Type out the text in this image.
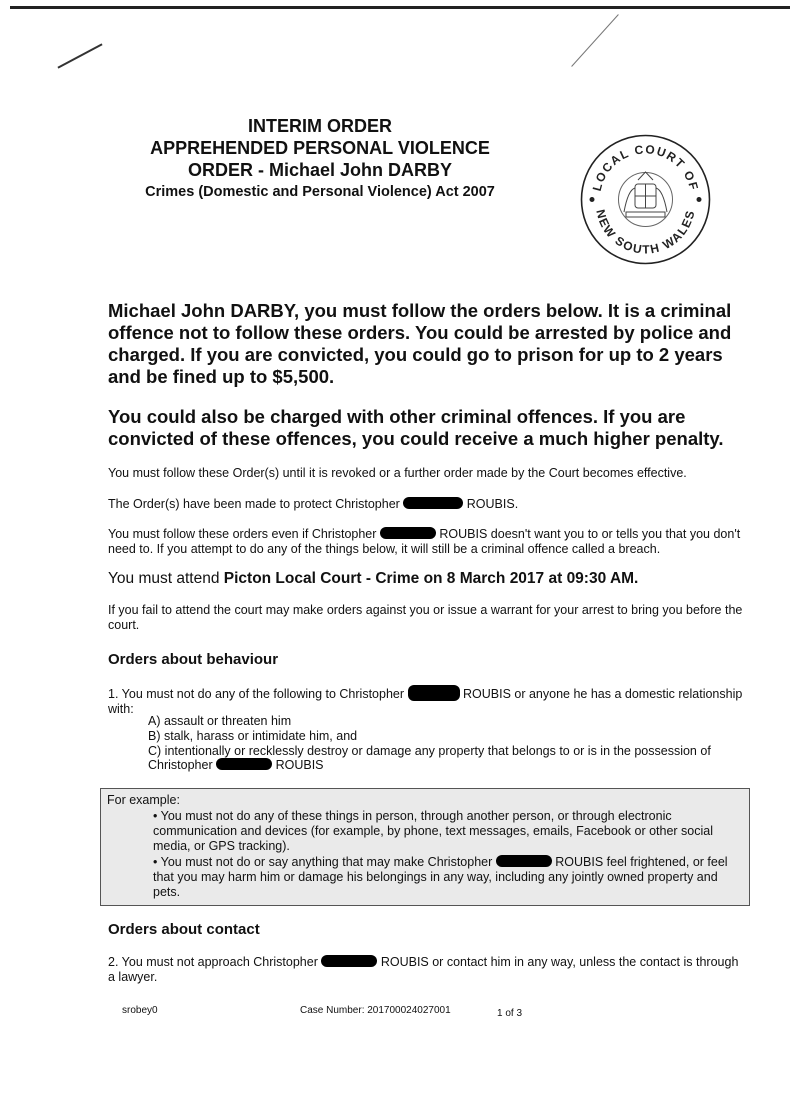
INTERIM ORDER
APPREHENDED PERSONAL VIOLENCE
ORDER - Michael John DARBY
Crimes (Domestic and Personal Violence) Act 2007	LOCAL COURT OF
NEW SOUTH WALES
Michael John DARBY, you must follow the orders below. It is a criminal offence not to follow these orders. You could be arrested by police and charged. If you are convicted, you could go to prison for up to 2 years and be fined up to $5,500.
You could also be charged with other criminal offences. If you are convicted of these offences, you could receive a much higher penalty.
You must follow these Order(s) until it is revoked or a further order made by the Court becomes effective.
The Order(s) have been made to protect Christopher	ROUBIS.
You must follow these orders even if Christopher	ROUBIS doesn't want you to or tells you that you don't need to. If you attempt to do any of the things below, it will still be a criminal offence called a breach.
You must attend Picton Local Court - Crime on 8 March 2017 at 09:30 AM.
If you fail to attend the court may make orders against you or issue a warrant for your arrest to bring you before the court.
Orders about behaviour
1. You must not do any of the following to Christopher	ROUBIS or anyone he has a domestic relationship with:
A) assault or threaten him
B) stalk, harass or intimidate him, and
C) intentionally or recklessly destroy or damage any property that belongs to or is in the possession of Christopher	ROUBIS
For example:
• You must not do any of these things in person, through another person, or through electronic communication and devices (for example, by phone, text messages, emails, Facebook or other social media, or GPS tracking).
• You must not do or say anything that may make Christopher	ROUBIS feel frightened, or feel that you may harm him or damage his belongings in any way, including any jointly owned property and pets.
Orders about contact
2. You must not approach Christopher	ROUBIS or contact him in any way, unless the contact is through a lawyer.
srobey0	Case Number: 201700024027001	1 of 3
